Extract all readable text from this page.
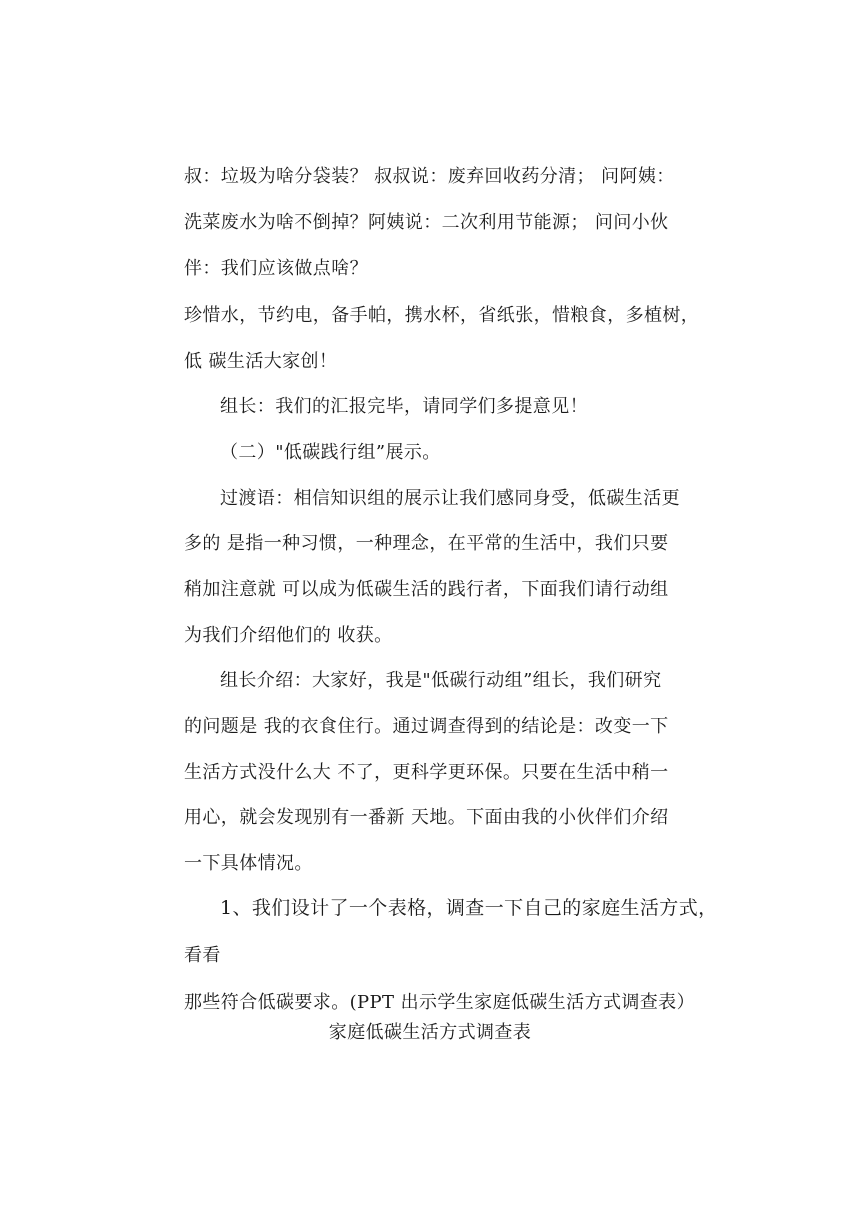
叔：垃圾为啥分袋装？ 叔叔说：废弃回收药分清； 问阿姨：
洗菜废水为啥不倒掉？阿姨说：二次利用节能源； 问问小伙
伴：我们应该做点啥？
珍惜水，节约电，备手帕，携水杯，省纸张，惜粮食，多植树，
低 碳生活大家创！
组长：我们的汇报完毕，请同学们多提意见！
（二）"低碳践行组”展示。
过渡语：相信知识组的展示让我们感同身受，低碳生活更
多的 是指一种习惯，一种理念，在平常的生活中，我们只要
稍加注意就 可以成为低碳生活的践行者，下面我们请行动组
为我们介绍他们的 收获。
组长介绍：大家好，我是"低碳行动组”组长，我们研究
的问题是 我的衣食住行。通过调查得到的结论是：改变一下
生活方式没什么大 不了，更科学更环保。只要在生活中稍一
用心，就会发现别有一番新 天地。下面由我的小伙伴们介绍
一下具体情况。
1、我们设计了一个表格，调查一下自己的家庭生活方式，
看看
那些符合低碳要求。(PPT 出示学生家庭低碳生活方式调查表）
家庭低碳生活方式调查表
